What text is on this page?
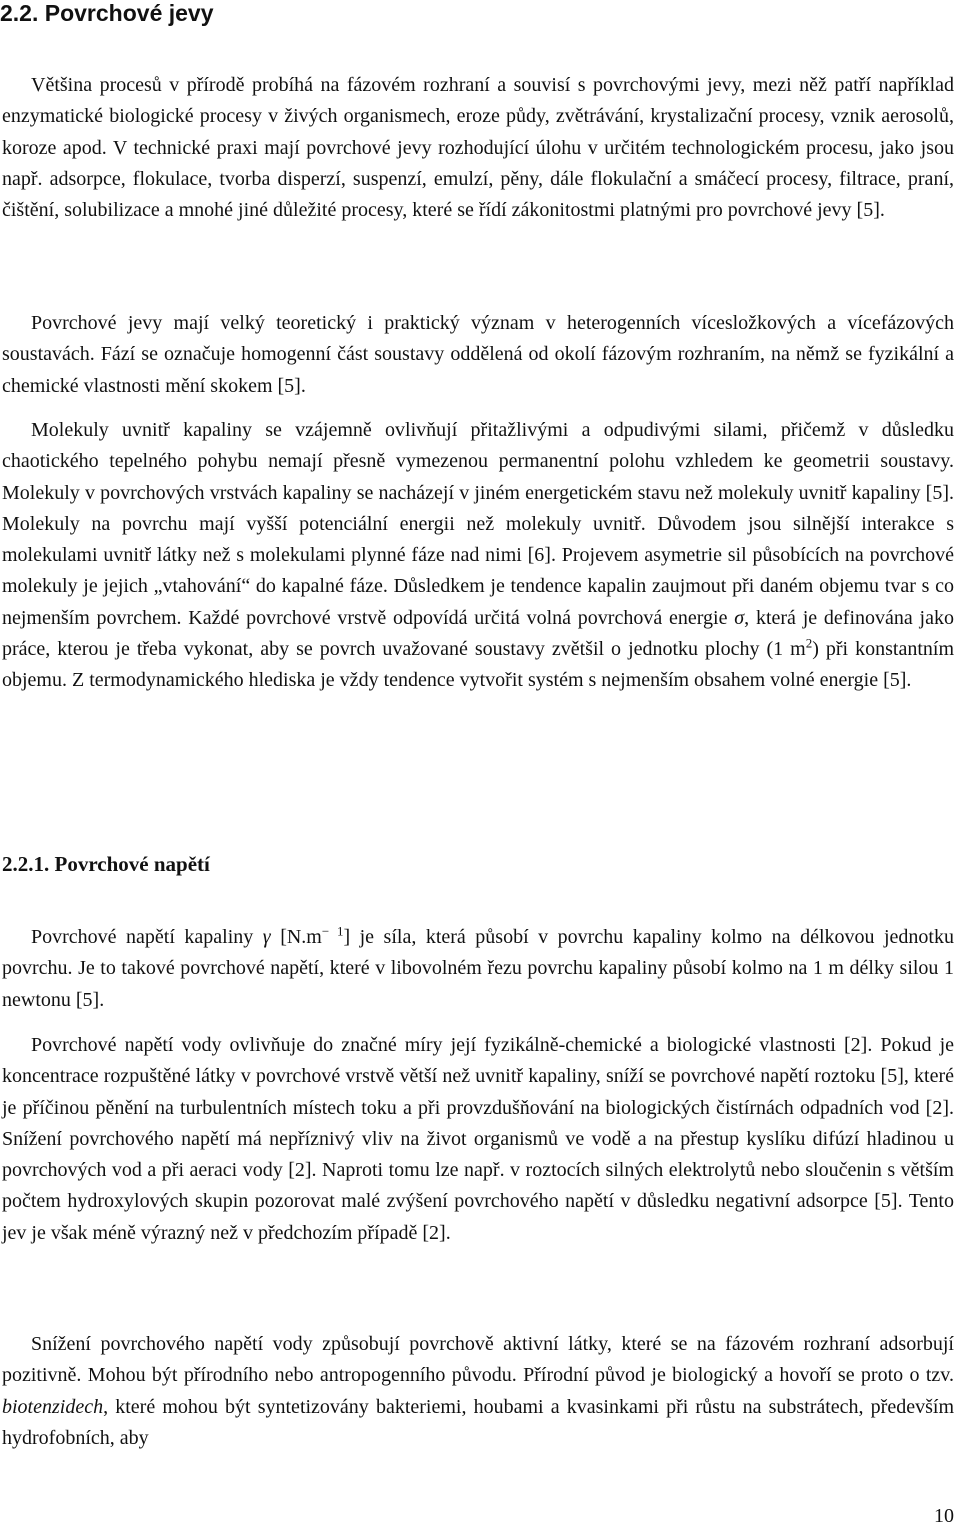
2.2. Povrchové jevy

Většina procesů v přírodě probíhá na fázovém rozhraní a souvisí s povrchovými jevy, mezi něž patří například enzymatické biologické procesy v živých organismech, eroze půdy, zvětrávání, krystalizační procesy, vznik aerosolů, koroze apod. V technické praxi mají povrchové jevy rozhodující úlohu v určitém technologickém procesu, jako jsou např. adsorpce, flokulace, tvorba disperzí, suspenzí, emulzí, pěny, dále flokulační a smáčecí procesy, filtrace, praní, čištění, solubilizace a mnohé jiné důležité procesy, které se řídí zákonitostmi platnými pro povrchové jevy [5].

Povrchové jevy mají velký teoretický i praktický význam v heterogenních vícesložkových a vícefázových soustavách. Fází se označuje homogenní část soustavy oddělená od okolí fázovým rozhraním, na němž se fyzikální a chemické vlastnosti mění skokem [5].

Molekuly uvnitř kapaliny se vzájemně ovlivňují přitažlivými a odpudivými silami, přičemž v důsledku chaotického tepelného pohybu nemají přesně vymezenou permanentní polohu vzhledem ke geometrii soustavy. Molekuly v povrchových vrstvách kapaliny se nacházejí v jiném energetickém stavu než molekuly uvnitř kapaliny [5]. Molekuly na povrchu mají vyšší potenciální energii než molekuly uvnitř. Důvodem jsou silnější interakce s molekulami uvnitř látky než s molekulami plynné fáze nad nimi [6]. Projevem asymetrie sil působících na povrchové molekuly je jejich „vtahování“ do kapalné fáze. Důsledkem je tendence kapalin zaujmout při daném objemu tvar s co nejmenším povrchem. Každé povrchové vrstvě odpovídá určitá volná povrchová energie σ, která je definována jako práce, kterou je třeba vykonat, aby se povrch uvažované soustavy zvětšil o jednotku plochy (1 $m^2$) při konstantním objemu. Z termodynamického hlediska je vždy tendence vytvořit systém s nejmenším obsahem volné energie [5].

2.2.1. Povrchové napětí

Povrchové napětí kapaliny γ $[N.m^{- 1}]$ je síla, která působí v povrchu kapaliny kolmo na délkovou jednotku povrchu. Je to takové povrchové napětí, které v libovolném řezu povrchu kapaliny působí kolmo na 1 m délky silou 1 newtonu [5].

Povrchové napětí vody ovlivňuje do značné míry její fyzikálně-chemické a biologické vlastnosti [2]. Pokud je koncentrace rozpuštěné látky v povrchové vrstvě větší než uvnitř kapaliny, sníží se povrchové napětí roztoku [5], které je příčinou pěnění na turbulentních místech toku a při provzdušňování na biologických čistírnách odpadních vod [2]. Snížení povrchového napětí má nepříznivý vliv na život organismů ve vodě a na přestup kyslíku difúzí hladinou u povrchových vod a při aeraci vody [2]. Naproti tomu lze např. v roztocích silných elektrolytů nebo sloučenin s větším počtem hydroxylových skupin pozorovat malé zvýšení povrchového napětí v důsledku negativní adsorpce [5]. Tento jev je však méně výrazný než v předchozím případě [2].

Snížení povrchového napětí vody způsobují povrchově aktivní látky, které se na fázovém rozhraní adsorbují pozitivně. Mohou být přírodního nebo antropogenního původu. Přírodní původ je biologický a hovoří se proto o tzv. biotenzidech, které mohou být syntetizovány bakteriemi, houbami a kvasinkami při růstu na substrátech, především hydrofobních, aby

10
